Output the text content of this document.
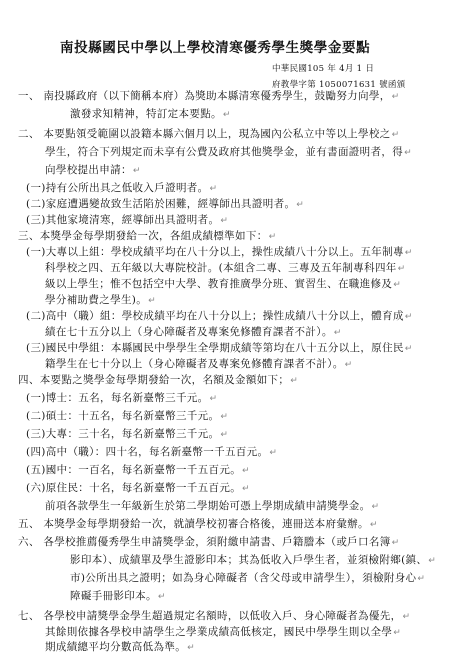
南投縣國民中學以上學校清寒優秀學生獎學金要點
中華民國105 年 4月 1 日
府教學字第 1050071631 號函頒
一、 南投縣政府（以下簡稱本府）為獎助本縣清寒優秀學生，鼓勵努力向學，↵
激發求知精神，特訂定本要點。↵
二、 本要點領受範圍以設籍本縣六個月以上，現為國內公私立中等以上學校之↵
學生，符合下列規定而未享有公費及政府其他獎學金，並有書面證明者，得↵
向學校提出申請：↵
(一)持有公所出具之低收入戶證明者。↵
(二)家庭遭遇變故致生活陷於困難，經導師出具證明者。↵
(三)其他家境清寒，經導師出具證明者。↵
三、本獎學金每學期發給一次，各組成績標準如下：↵
(一)大專以上組：學校成績平均在八十分以上，操性成績八十分以上。五年制專↵
科學校之四、五年級以大專院校計。(本組含二專、三專及五年制專科四年↵
級以上學生；惟不包括空中大學、教育推廣學分班、實習生、在職進修及↵
學分補助費之學生)。↵
(二)高中（職）組：學校成績平均在八十分以上；操性成績八十分以上，體育成↵
績在七十五分以上（身心障礙者及專案免修體育課者不計）。↵
(三)國民中學組：本縣國民中學學生全學期成績等第均在八十五分以上，原住民↵
籍學生在七十分以上（身心障礙者及專案免修體育課者不計）。↵
四、本要點之獎學金每學期發給一次，名額及金額如下；↵
(一)博士：五名，每名新臺幣三千元。↵
(二)碩士：十五名，每名新臺幣三千元。↵
(三)大專：三十名，每名新臺幣三千元。↵
(四)高中（職）：四十名，每名新臺幣一千五百元。↵
(五)國中：一百名，每名新臺幣一千五百元。↵
(六)原住民：十名，每名新臺幣一千五百元。↵
前項各款學生一年級新生於第二學期始可憑上學期成績申請獎學金。↵
五、 本獎學金每學期發給一次，就讀學校初審合格後，連冊送本府彙辦。↵
六、 各學校推薦優秀學生申請獎學金，須附繳申請書、戶籍謄本（或戶口名簿↵
影印本）、成績單及學生證影印本；其為低收入戶學生者，並須檢附鄉(鎮、↵
市)公所出具之證明；如為身心障礙者（含父母或申請學生），須檢附身心↵
障礙手冊影印本。↵
七、 各學校申請獎學金學生超過規定名額時，以低收入戶、身心障礙者為優先，↵
其餘則依據各學校申請學生之學業成績高低核定，國民中學學生則以全學↵
期成績總平均分數高低為準。↵
